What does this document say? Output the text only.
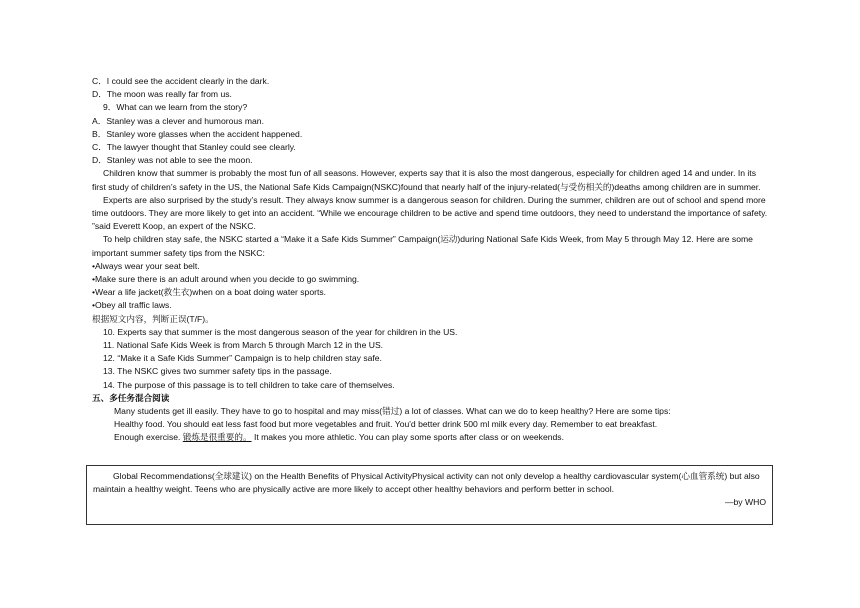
C．I could see the accident clearly in the dark.
D．The moon was really far from us.
9．What can we learn from the story?
A．Stanley was a clever and humorous man.
B．Stanley wore glasses when the accident happened.
C．The lawyer thought that Stanley could see clearly.
D．Stanley was not able to see the moon.
Children know that summer is probably the most fun of all seasons. However, experts say that it is also the most dangerous, especially for children aged 14 and under. In its first study of children’s safety in the US, the National Safe Kids Campaign(NSKC)found that nearly half of the injury-related(与受伤相关的)deaths among children are in summer.
Experts are also surprised by the study’s result. They always know summer is a dangerous season for children. During the summer, children are out of school and spend more time outdoors. They are more likely to get into an accident. “While we encourage children to be active and spend time outdoors, they need to understand the importance of safety. ”said Everett Koop, an expert of the NSKC.
To help children stay safe, the NSKC started a “Make it a Safe Kids Summer” Campaign(运动)during National Safe Kids Week, from May 5 through May 12. Here are some important summer safety tips from the NSKC:
•Always wear your seat belt.
•Make sure there is an adult around when you decide to go swimming.
•Wear a life jacket(救生衣)when on a boat doing water sports.
•Obey all traffic laws.
根据短文内容，判断正误(T/F)。
10. Experts say that summer is the most dangerous season of the year for children in the US.
11. National Safe Kids Week is from March 5 through March 12 in the US.
12. “Make it a Safe Kids Summer” Campaign is to help children stay safe.
13. The NSKC gives two summer safety tips in the passage.
14. The purpose of this passage is to tell children to take care of themselves.
五、多任务混合阅读
Many students get ill easily. They have to go to hospital and may miss(错过) a lot of classes. What can we do to keep healthy? Here are some tips:
Healthy food. You should eat less fast food but more vegetables and fruit. You'd better drink 500 ml milk every day. Remember to eat breakfast.
Enough exercise. 锻炼是很重要的。 It makes you more athletic. You can play some sports after class or on weekends.
Global Recommendations(全球建议) on the Health Benefits of Physical ActivityPhysical activity can not only develop a healthy cardiovascular system(心血管系统) but also maintain a healthy weight. Teens who are physically active are more likely to accept other healthy behaviors and perform better in school.
—by WHO
